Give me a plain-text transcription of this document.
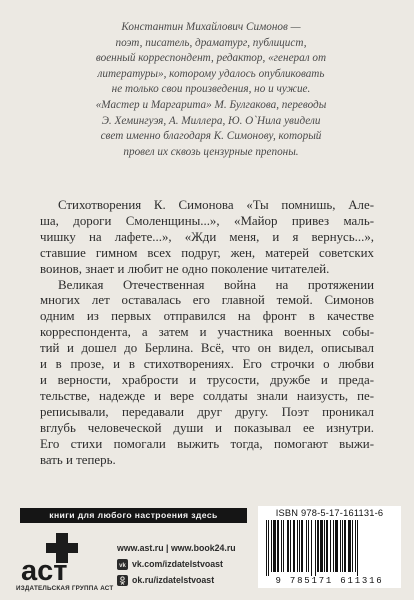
Константин Михайлович Симонов —
поэт, писатель, драматург, публицист,
военный корреспондент, редактор, «генерал от
литературы», которому удалось опубликовать
не только свои произведения, но и чужие.
«Мастер и Маргарита» М. Булгакова, переводы
Э. Хемингуэя, А. Миллера, Ю. О`Нила увидели
свет именно благодаря К. Симонову, который
провел их сквозь цензурные препоны.
Стихотворения К. Симонова «Ты помнишь, Але-
ша, дороги Смоленщины...», «Майор привез маль-
чишку на лафете...», «Жди меня, и я вернусь...»,
ставшие гимном всех подруг, жен, матерей советских
воинов, знает и любит не одно поколение читателей.
Великая Отечественная война на протяжении
многих лет оставалась его главной темой. Симонов
одним из первых отправился на фронт в качестве
корреспондента, а затем и участника военных собы-
тий и дошел до Берлина. Всё, что он видел, описывал
и в прозе, и в стихотворениях. Его строчки о любви
и верности, храбрости и трусости, дружбе и преда-
тельстве, надежде и вере солдаты знали наизусть, пе-
реписывали, передавали друг другу. Поэт проникал
вглубь человеческой души и показывал ее изнутри.
Его стихи помогали выжить тогда, помогают выжи-
вать и теперь.
книги для любого настроения здесь
аст
ИЗДАТЕЛЬСКАЯ ГРУППА АСТ
www.ast.ru | www.book24.ru
vk vk.com/izdatelstvoast
ok.ru/izdatelstvoast
ISBN 978-5-17-161131-6
9 785171 611316
